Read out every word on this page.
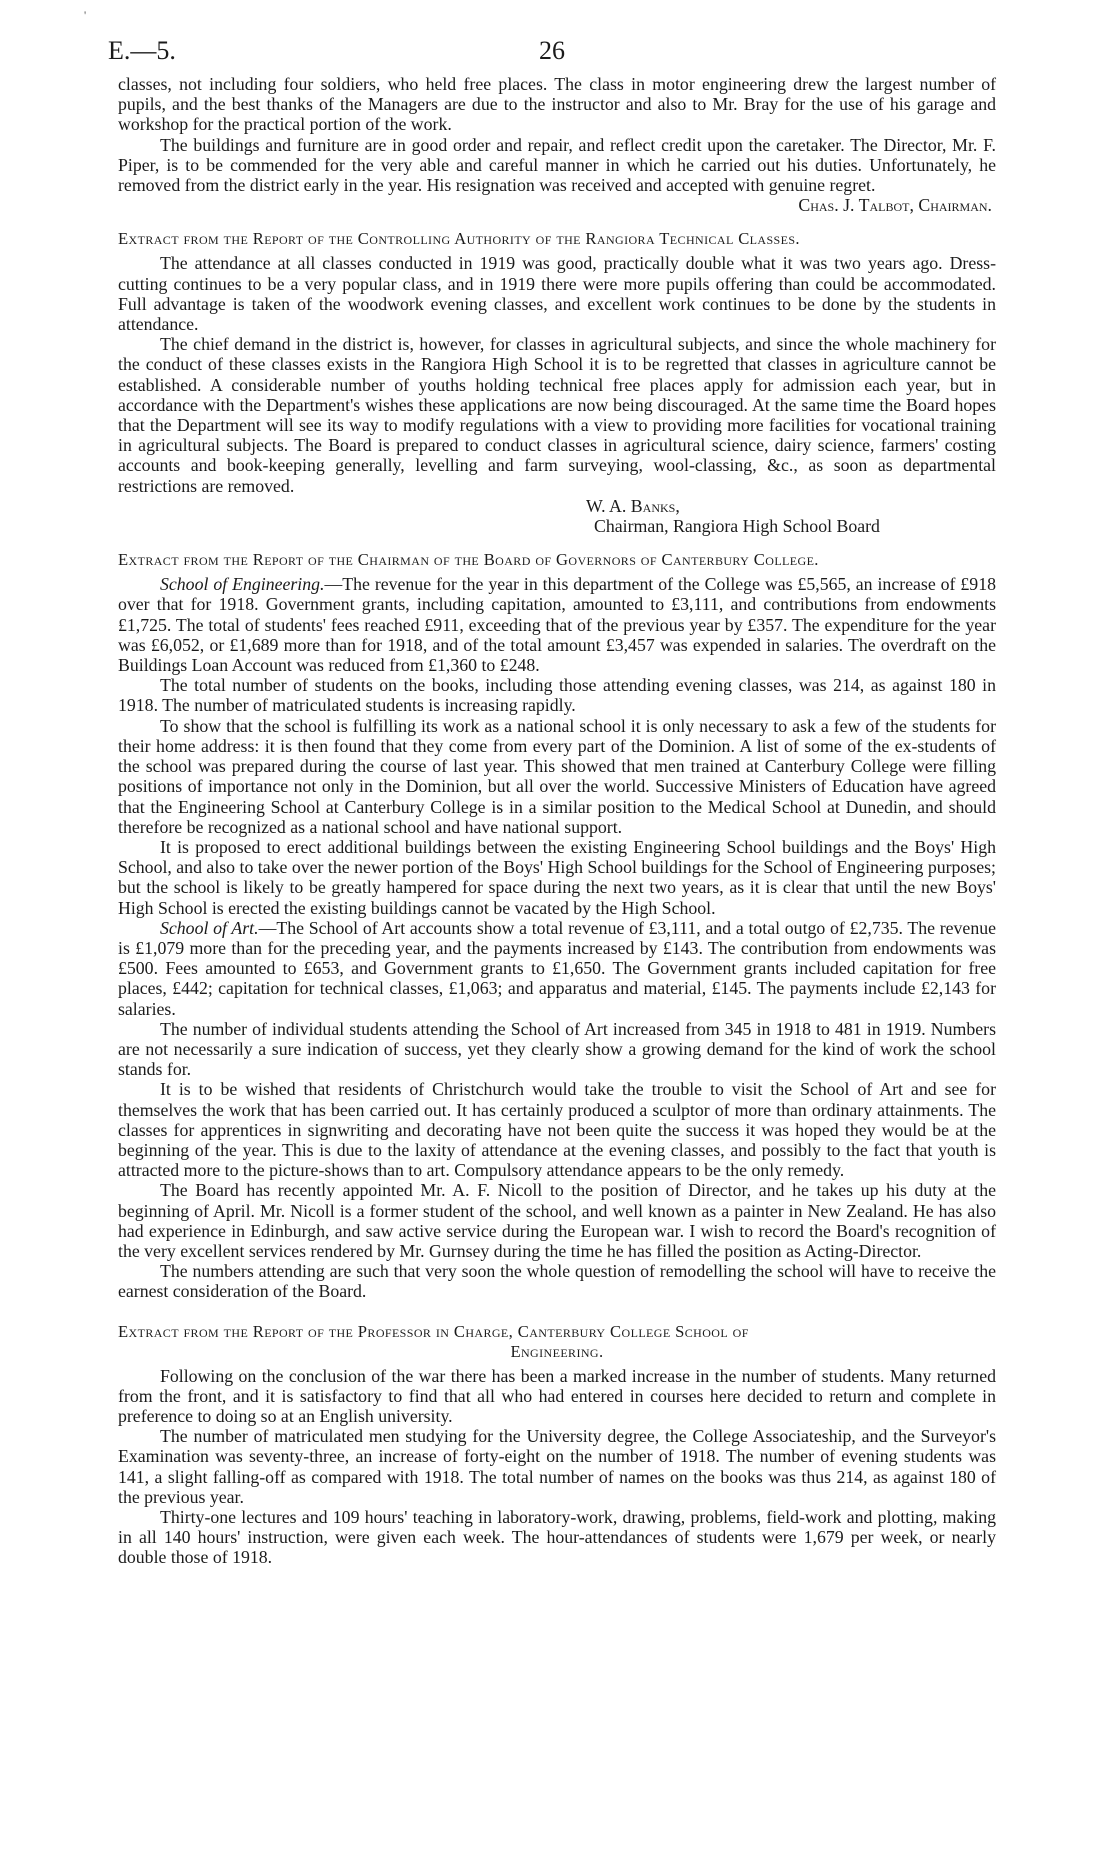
'
E.—5.	26

classes, not including four soldiers, who held free places. The class in motor engineering drew the largest number of pupils, and the best thanks of the Managers are due to the instructor and also to Mr. Bray for the use of his garage and workshop for the practical portion of the work.

The buildings and furniture are in good order and repair, and reflect credit upon the caretaker. The Director, Mr. F. Piper, is to be commended for the very able and careful manner in which he carried out his duties. Unfortunately, he removed from the district early in the year. His resignation was received and accepted with genuine regret.

Chas. J. Talbot, Chairman.
Extract from the Report of the Controlling Authority of the Rangiora Technical Classes.

The attendance at all classes conducted in 1919 was good, practically double what it was two years ago. Dress-cutting continues to be a very popular class, and in 1919 there were more pupils offering than could be accommodated. Full advantage is taken of the woodwork evening classes, and excellent work continues to be done by the students in attendance.

The chief demand in the district is, however, for classes in agricultural subjects, and since the whole machinery for the conduct of these classes exists in the Rangiora High School it is to be regretted that classes in agriculture cannot be established. A considerable number of youths holding technical free places apply for admission each year, but in accordance with the Department's wishes these applications are now being discouraged. At the same time the Board hopes that the Department will see its way to modify regulations with a view to providing more facilities for vocational training in agricultural subjects. The Board is prepared to conduct classes in agricultural science, dairy science, farmers' costing accounts and book-keeping generally, levelling and farm surveying, wool-classing, &c., as soon as departmental restrictions are removed.

W. A. Banks,
Chairman, Rangiora High School Board
Extract from the Report of the Chairman of the Board of Governors of Canterbury College.

School of Engineering.—The revenue for the year in this department of the College was £5,565, an increase of £918 over that for 1918. Government grants, including capitation, amounted to £3,111, and contributions from endowments £1,725. The total of students' fees reached £911, exceeding that of the previous year by £357. The expenditure for the year was £6,052, or £1,689 more than for 1918, and of the total amount £3,457 was expended in salaries. The overdraft on the Buildings Loan Account was reduced from £1,360 to £248.

The total number of students on the books, including those attending evening classes, was 214, as against 180 in 1918. The number of matriculated students is increasing rapidly.

To show that the school is fulfilling its work as a national school it is only necessary to ask a few of the students for their home address: it is then found that they come from every part of the Dominion. A list of some of the ex-students of the school was prepared during the course of last year. This showed that men trained at Canterbury College were filling positions of importance not only in the Dominion, but all over the world. Successive Ministers of Education have agreed that the Engineering School at Canterbury College is in a similar position to the Medical School at Dunedin, and should therefore be recognized as a national school and have national support.

It is proposed to erect additional buildings between the existing Engineering School buildings and the Boys' High School, and also to take over the newer portion of the Boys' High School buildings for the School of Engineering purposes; but the school is likely to be greatly hampered for space during the next two years, as it is clear that until the new Boys' High School is erected the existing buildings cannot be vacated by the High School.

School of Art.—The School of Art accounts show a total revenue of £3,111, and a total outgo of £2,735. The revenue is £1,079 more than for the preceding year, and the payments increased by £143. The contribution from endowments was £500. Fees amounted to £653, and Government grants to £1,650. The Government grants included capitation for free places, £442; capitation for technical classes, £1,063; and apparatus and material, £145. The payments include £2,143 for salaries.

The number of individual students attending the School of Art increased from 345 in 1918 to 481 in 1919. Numbers are not necessarily a sure indication of success, yet they clearly show a growing demand for the kind of work the school stands for.

It is to be wished that residents of Christchurch would take the trouble to visit the School of Art and see for themselves the work that has been carried out. It has certainly produced a sculptor of more than ordinary attainments. The classes for apprentices in signwriting and decorating have not been quite the success it was hoped they would be at the beginning of the year. This is due to the laxity of attendance at the evening classes, and possibly to the fact that youth is attracted more to the picture-shows than to art. Compulsory attendance appears to be the only remedy.

The Board has recently appointed Mr. A. F. Nicoll to the position of Director, and he takes up his duty at the beginning of April. Mr. Nicoll is a former student of the school, and well known as a painter in New Zealand. He has also had experience in Edinburgh, and saw active service during the European war. I wish to record the Board's recognition of the very excellent services rendered by Mr. Gurnsey during the time he has filled the position as Acting-Director.

The numbers attending are such that very soon the whole question of remodelling the school will have to receive the earnest consideration of the Board.

Extract from the Report of the Professor in Charge, Canterbury College School of
Engineering.

Following on the conclusion of the war there has been a marked increase in the number of students. Many returned from the front, and it is satisfactory to find that all who had entered in courses here decided to return and complete in preference to doing so at an English university.

The number of matriculated men studying for the University degree, the College Associateship, and the Surveyor's Examination was seventy-three, an increase of forty-eight on the number of 1918. The number of evening students was 141, a slight falling-off as compared with 1918. The total number of names on the books was thus 214, as against 180 of the previous year.

Thirty-one lectures and 109 hours' teaching in laboratory-work, drawing, problems, field-work and plotting, making in all 140 hours' instruction, were given each week. The hour-attendances of students were 1,679 per week, or nearly double those of 1918.
